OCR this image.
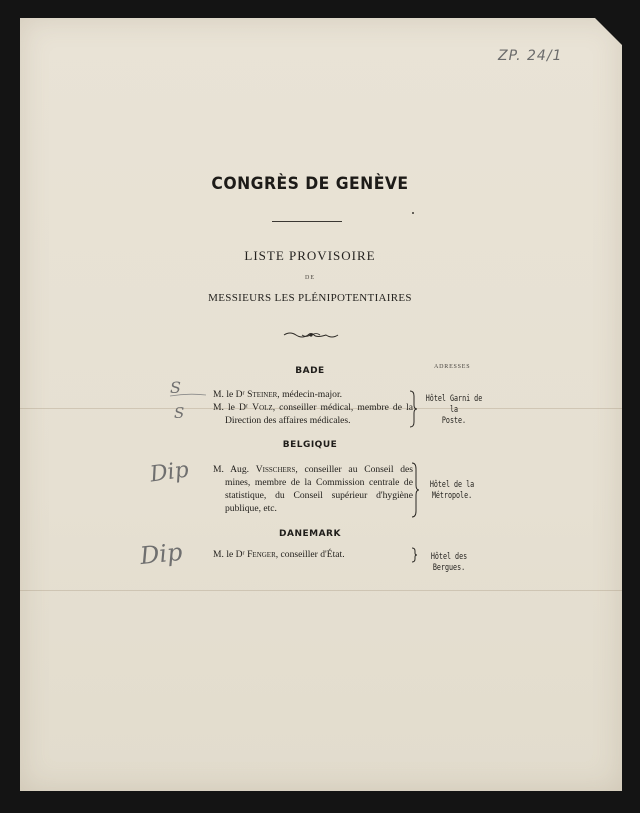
ZP. 24/1
CONGRÈS DE GENÈVE
LISTE PROVISOIRE
DE
MESSIEURS LES PLÉNIPOTENTIAIRES
ADRESSES
BADE
M. le Dʳ Steiner, médecin-major.
M. le Dʳ Volz, conseiller médical, membre de la Direction des affaires médicales.
Hôtel Garni de la
Poste.
BELGIQUE
M. Aug. Visschers, conseiller au Conseil des mines, membre de la Commission centrale de statistique, du Conseil supérieur d'hygiène publique, etc.
Hôtel de la Métropole.
DANEMARK
M. le Dʳ Fenger, conseiller d'État.	Hôtel des Bergues.
S
S
Dip
Dip
